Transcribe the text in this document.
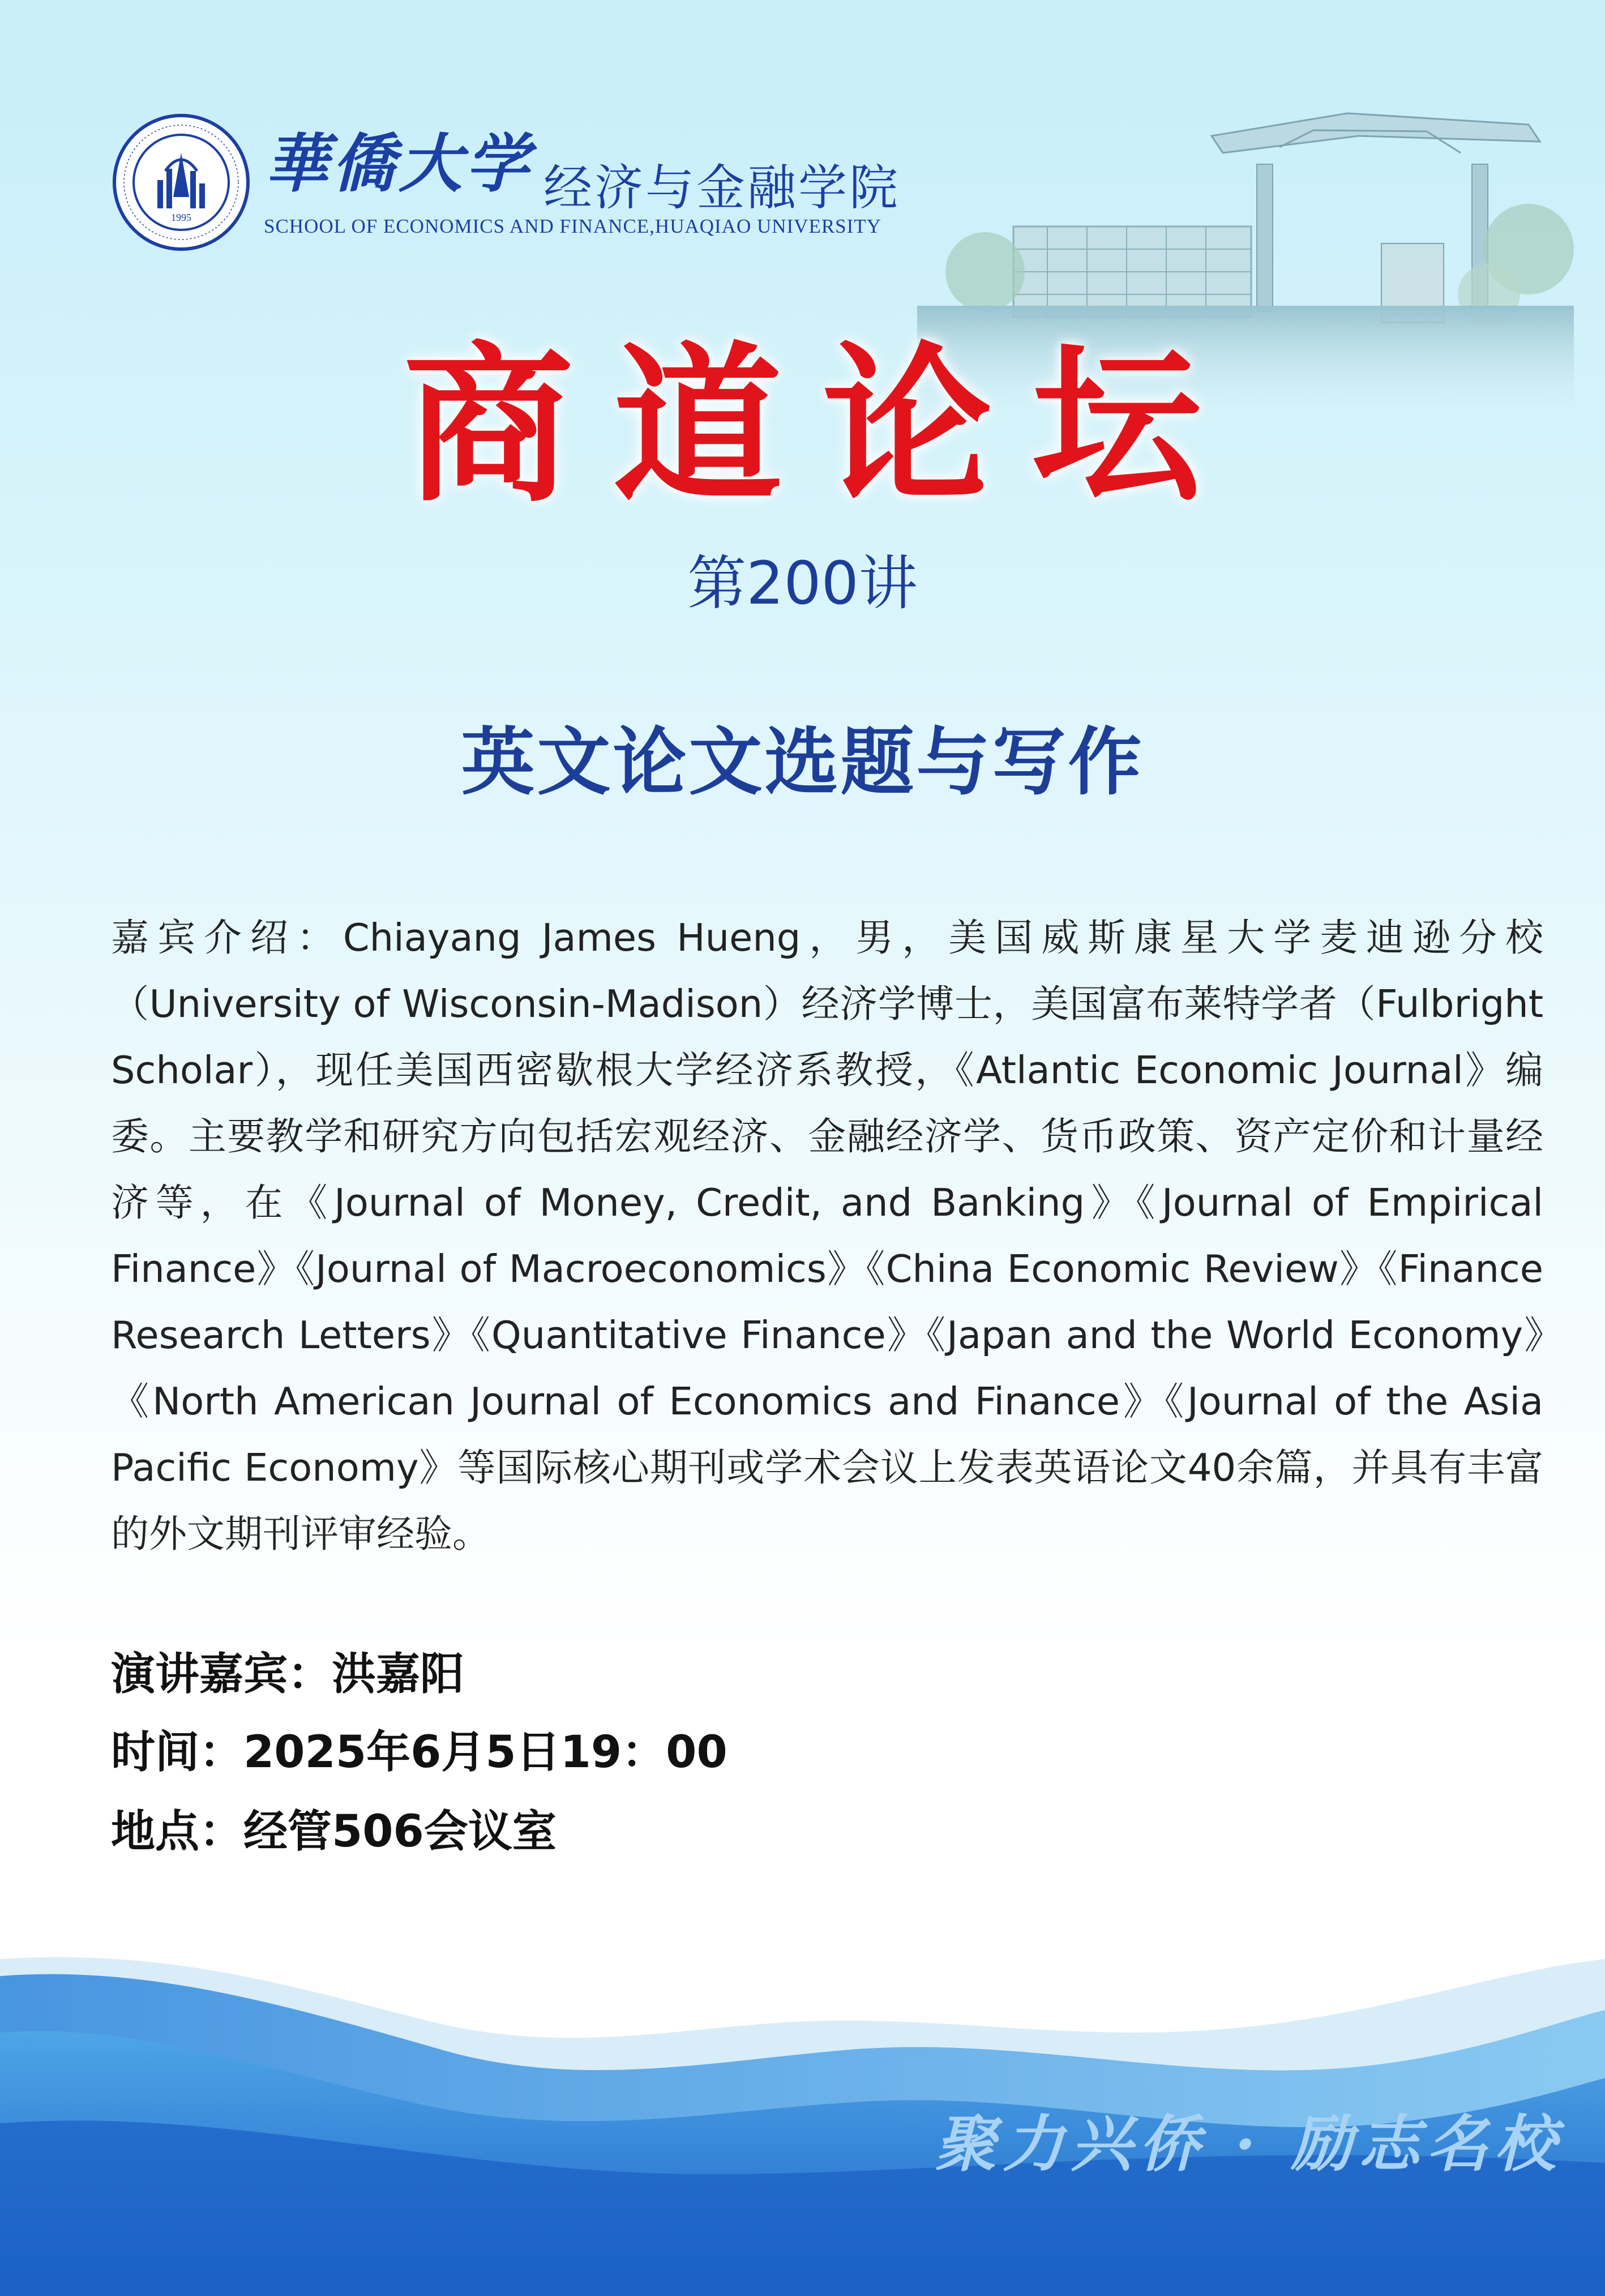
1995
華僑大学 经济与金融学院
SCHOOL OF ECONOMICS AND FINANCE,HUAQIAO UNIVERSITY
商道论坛
第200讲
英文论文选题与写作
嘉宾介绍：Chiayang James Hueng，男，美国威斯康星大学麦迪逊分校（University of Wisconsin-Madison）经济学博士，美国富布莱特学者（Fulbright Scholar），现任美国西密歇根大学经济系教授，《Atlantic Economic Journal》编委。主要教学和研究方向包括宏观经济、金融经济学、货币政策、资产定价和计量经济等，在《Journal of Money, Credit, and Banking》《Journal of Empirical Finance》《Journal of Macroeconomics》《China Economic Review》《Finance Research Letters》《Quantitative Finance》《Japan and the World Economy》《North American Journal of Economics and Finance》《Journal of the Asia Pacific Economy》等国际核心期刊或学术会议上发表英语论文40余篇，并具有丰富的外文期刊评审经验。
演讲嘉宾：洪嘉阳
时间：2025年6月5日19：00
地点：经管506会议室
聚力兴侨 · 励志名校
